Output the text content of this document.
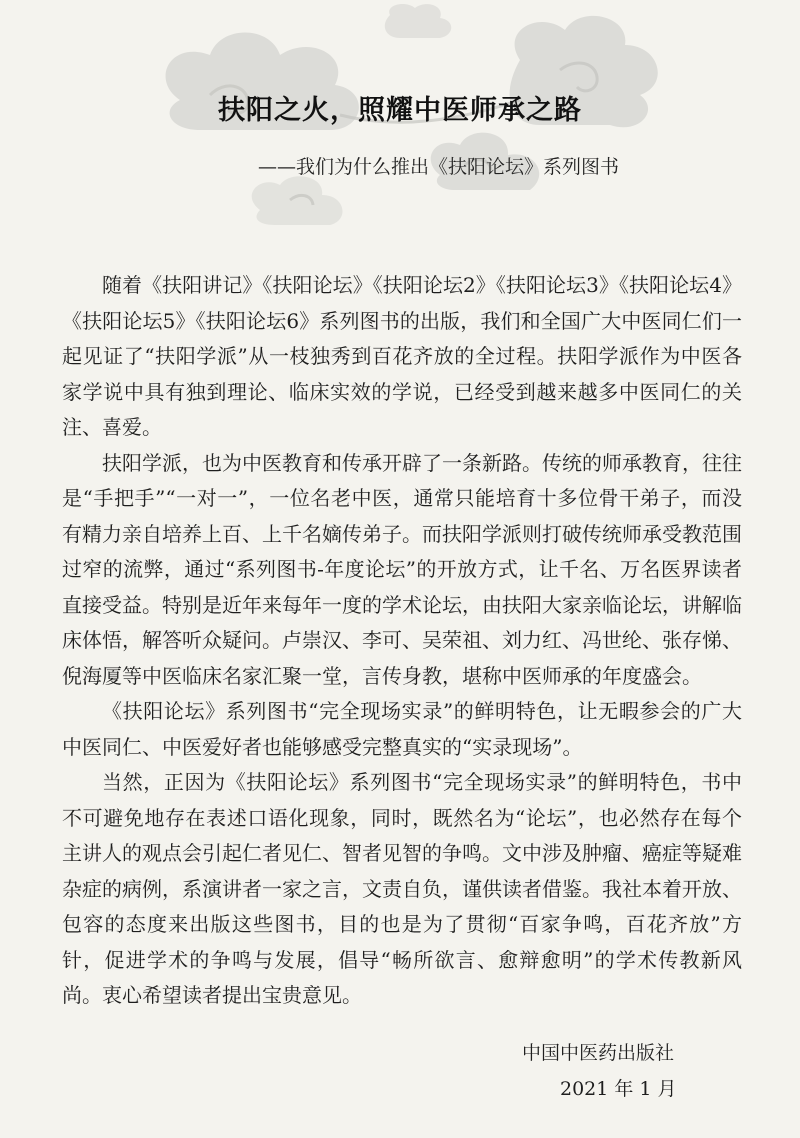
扶阳之火，照耀中医师承之路
——我们为什么推出《扶阳论坛》系列图书

随着《扶阳讲记》《扶阳论坛》《扶阳论坛2》《扶阳论坛3》《扶阳论坛4》《扶阳论坛5》《扶阳论坛6》系列图书的出版，我们和全国广大中医同仁们一起见证了“扶阳学派”从一枝独秀到百花齐放的全过程。扶阳学派作为中医各家学说中具有独到理论、临床实效的学说，已经受到越来越多中医同仁的关注、喜爱。

扶阳学派，也为中医教育和传承开辟了一条新路。传统的师承教育，往往是“手把手”“一对一”，一位名老中医，通常只能培育十多位骨干弟子，而没有精力亲自培养上百、上千名嫡传弟子。而扶阳学派则打破传统师承受教范围过窄的流弊，通过“系列图书-年度论坛”的开放方式，让千名、万名医界读者直接受益。特别是近年来每年一度的学术论坛，由扶阳大家亲临论坛，讲解临床体悟，解答听众疑问。卢崇汉、李可、吴荣祖、刘力红、冯世纶、张存悌、倪海厦等中医临床名家汇聚一堂，言传身教，堪称中医师承的年度盛会。

《扶阳论坛》系列图书“完全现场实录”的鲜明特色，让无暇参会的广大中医同仁、中医爱好者也能够感受完整真实的“实录现场”。

当然，正因为《扶阳论坛》系列图书“完全现场实录”的鲜明特色，书中不可避免地存在表述口语化现象，同时，既然名为“论坛”，也必然存在每个主讲人的观点会引起仁者见仁、智者见智的争鸣。文中涉及肿瘤、癌症等疑难杂症的病例，系演讲者一家之言，文责自负，谨供读者借鉴。我社本着开放、包容的态度来出版这些图书，目的也是为了贯彻“百家争鸣，百花齐放”方针，促进学术的争鸣与发展，倡导“畅所欲言、愈辩愈明”的学术传教新风尚。衷心希望读者提出宝贵意见。

中国中医药出版社
2021 年 1 月
